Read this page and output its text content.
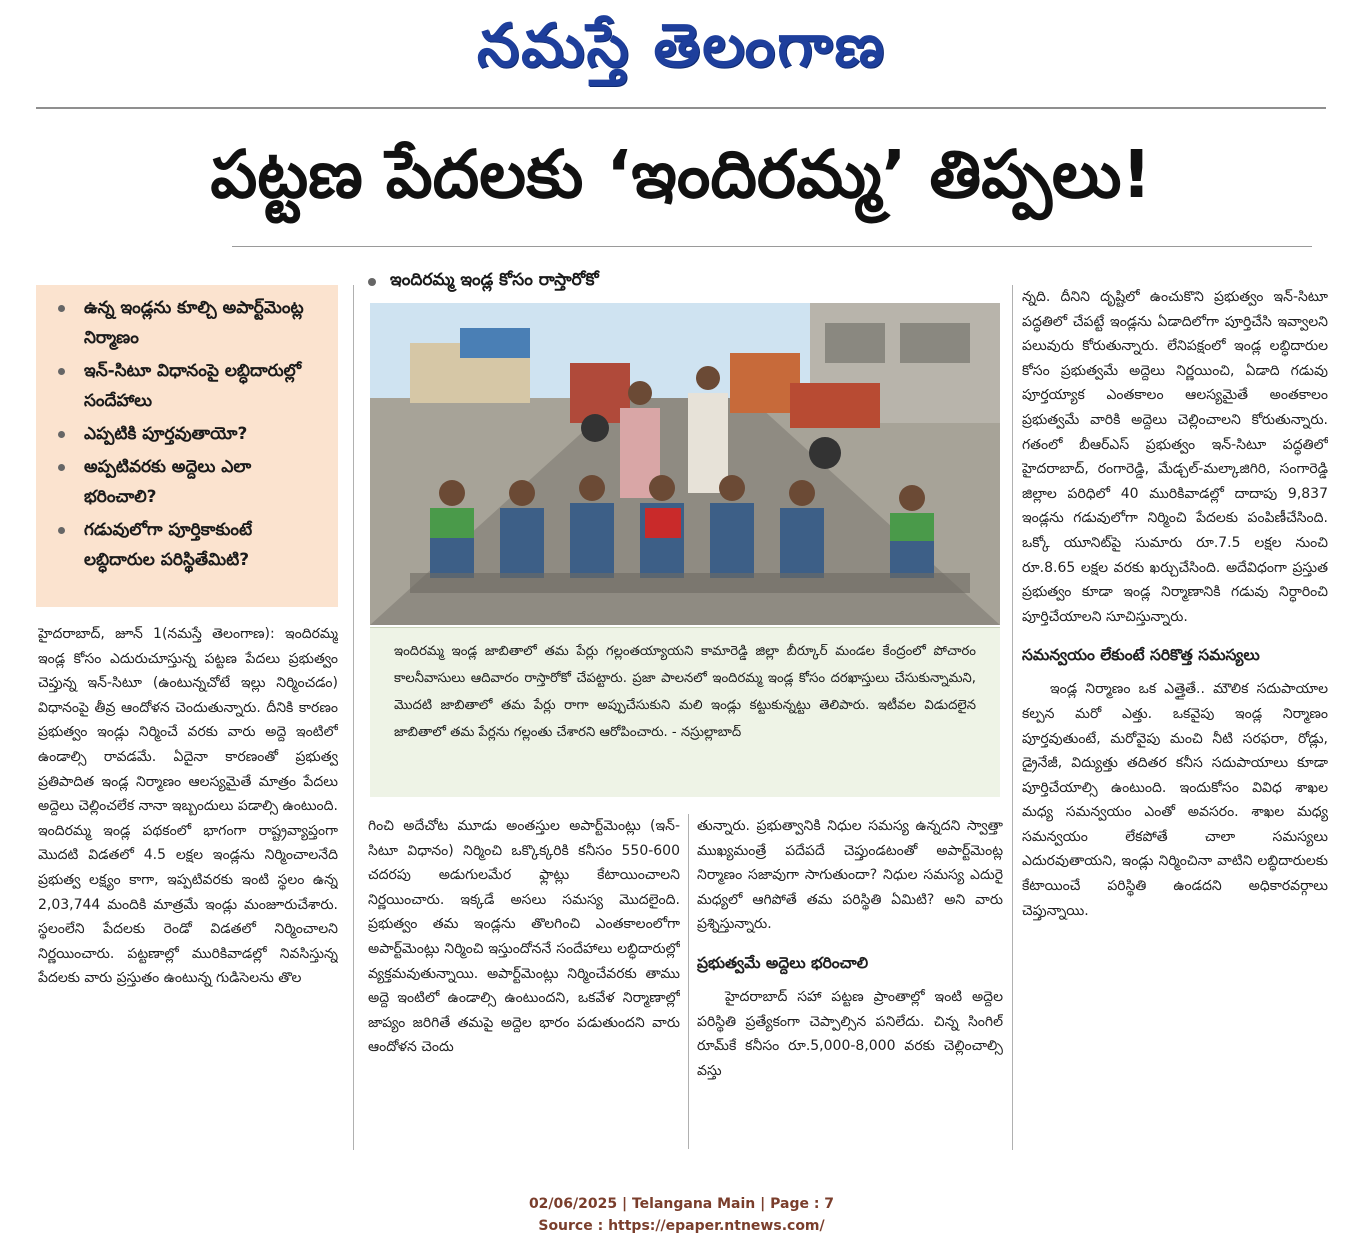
నమస్తే తెలంగాణ
పట్టణ పేదలకు ‘ఇందిరమ్మ’ తిప్పలు!
ఉన్న ఇండ్లను కూల్చి అపార్ట్‌మెంట్ల నిర్మాణం
ఇన్‌-సిటూ విధానంపై లబ్ధిదారుల్లో సందేహాలు
ఎప్పటికి పూర్తవుతాయో?
అప్పటివరకు అద్దెలు ఎలా భరించాలి?
గడువులోగా పూర్తికాకుంటే లబ్ధిదారుల పరిస్థితేమిటి?
ఇందిరమ్మ ఇండ్ల కోసం రాస్తారోకో
ఇందిరమ్మ ఇండ్ల జాబితాలో తమ పేర్లు గల్లంతయ్యాయని కామారెడ్డి జిల్లా బీర్కూర్ మండల కేంద్రంలో పోచారం కాలనీవాసులు ఆదివారం రాస్తారోకో చేపట్టారు. ప్రజా పాలనలో ఇందిరమ్మ ఇండ్ల కోసం దరఖాస్తులు చేసుకున్నామని, మొదటి జాబితాలో తమ పేర్లు రాగా అప్పుచేసుకుని మలి ఇండ్లు కట్టుకున్నట్టు తెలిపారు. ఇటీవల విడుదలైన జాబితాలో తమ పేర్లను గల్లంతు చేశారని ఆరోపించారు. - నస్రుల్లాబాద్

హైదరాబాద్, జూన్ 1(నమస్తే తెలంగాణ): ఇందిరమ్మ ఇండ్ల కోసం ఎదురుచూస్తున్న పట్టణ పేదలు ప్రభుత్వం చెప్తున్న ఇన్‌-సిటూ (ఉంటున్నచోటే ఇల్లు నిర్మించడం) విధానంపై తీవ్ర ఆందోళన చెందుతున్నారు. దీనికి కారణం ప్రభుత్వం ఇండ్లు నిర్మించే వరకు వారు అద్దె ఇంటిలో ఉండాల్సి రావడమే. ఏదైనా కారణంతో ప్రభుత్వ ప్రతిపాదిత ఇండ్ల నిర్మాణం ఆలస్యమైతే మాత్రం పేదలు అద్దెలు చెల్లించలేక నానా ఇబ్బందులు పడాల్సి ఉంటుంది. ఇందిరమ్మ ఇండ్ల పథకంలో భాగంగా రాష్ట్రవ్యాప్తంగా మొదటి విడతలో 4.5 లక్షల ఇండ్లను నిర్మించాలనేది ప్రభుత్వ లక్ష్యం కాగా, ఇప్పటివరకు ఇంటి స్థలం ఉన్న 2,03,744 మందికి మాత్రమే ఇండ్లు మంజూరుచేశారు. స్థలంలేని పేదలకు రెండో విడతలో నిర్మించాలని నిర్ణయించారు. పట్టణాల్లో మురికివాడల్లో నివసిస్తున్న పేదలకు వారు ప్రస్తుతం ఉంటున్న గుడిసెలను తొల

గించి అదేచోట మూడు అంతస్తుల అపార్ట్‌మెంట్లు (ఇన్‌-సిటూ విధానం) నిర్మించి ఒక్కొక్కరికి కనీసం 550-600 చదరపు అడుగులమేర ఫ్లాట్లు కేటాయించాలని నిర్ణయించారు. ఇక్కడే అసలు సమస్య మొదలైంది. ప్రభుత్వం తమ ఇండ్లను తొలగించి ఎంతకాలంలోగా అపార్ట్‌మెంట్లు నిర్మించి ఇస్తుందోననే సందేహాలు లబ్ధిదారుల్లో వ్యక్తమవుతున్నాయి. అపార్ట్‌మెంట్లు నిర్మించేవరకు తాము అద్దె ఇంటిలో ఉండాల్సి ఉంటుందని, ఒకవేళ నిర్మాణాల్లో జాప్యం జరిగితే తమపై అద్దెల భారం పడుతుందని వారు ఆందోళన చెందు

తున్నారు. ప్రభుత్వానికి నిధుల సమస్య ఉన్నదని స్వాత్తా ముఖ్యమంత్రే పదేపదే చెప్తుండటంతో అపార్ట్‌మెంట్ల నిర్మాణం సజావుగా సాగుతుందా? నిధుల సమస్య ఎదురై మధ్యలో ఆగిపోతే తమ పరిస్థితి ఏమిటి? అని వారు ప్రశ్నిస్తున్నారు.

ప్రభుత్వమే అద్దెలు భరించాలి

హైదరాబాద్ సహా పట్టణ ప్రాంతాల్లో ఇంటి అద్దెల పరిస్థితి ప్రత్యేకంగా చెప్పాల్సిన పనిలేదు. చిన్న సింగిల్ రూమ్‌కే కనీసం రూ.5,000-8,000 వరకు చెల్లించాల్సి వస్తు

న్నది. దీనిని దృష్టిలో ఉంచుకొని ప్రభుత్వం ఇన్‌-సిటూ పద్ధతిలో చేపట్టే ఇండ్లను ఏడాదిలోగా పూర్తిచేసి ఇవ్వాలని పలువురు కోరుతున్నారు. లేనిపక్షంలో ఇండ్ల లబ్ధిదారుల కోసం ప్రభుత్వమే అద్దెలు నిర్ణయించి, ఏడాది గడువు పూర్తయ్యాక ఎంతకాలం ఆలస్యమైతే అంతకాలం ప్రభుత్వమే వారికి అద్దెలు చెల్లించాలని కోరుతున్నారు. గతంలో బీఆర్‌ఎస్ ప్రభుత్వం ఇన్‌-సిటూ పద్ధతిలో హైదరాబాద్, రంగారెడ్డి, మేడ్చల్‌-మల్కాజిగిరి, సంగారెడ్డి జిల్లాల పరిధిలో 40 మురికివాడల్లో దాదాపు 9,837 ఇండ్లను గడువులోగా నిర్మించి పేదలకు పంపిణీచేసింది. ఒక్కో యూనిట్‌పై సుమారు రూ.7.5 లక్షల నుంచి రూ.8.65 లక్షల వరకు ఖర్చుచేసింది. అదేవిధంగా ప్రస్తుత ప్రభుత్వం కూడా ఇండ్ల నిర్మాణానికి గడువు నిర్ధారించి పూర్తిచేయాలని సూచిస్తున్నారు.

సమన్వయం లేకుంటే సరికొత్త సమస్యలు

ఇండ్ల నిర్మాణం ఒక ఎత్తైతే.. మౌలిక సదుపాయాల కల్పన మరో ఎత్తు. ఒకవైపు ఇండ్ల నిర్మాణం పూర్తవుతుంటే, మరోవైపు మంచి నీటి సరఫరా, రోడ్లు, డ్రైనేజీ, విద్యుత్తు తదితర కనీస సదుపాయాలు కూడా పూర్తిచేయాల్సి ఉంటుంది. ఇందుకోసం వివిధ శాఖల మధ్య సమన్వయం ఎంతో అవసరం. శాఖల మధ్య సమన్వయం లేకపోతే చాలా సమస్యలు ఎదురవుతాయని, ఇండ్లు నిర్మించినా వాటిని లబ్ధిదారులకు కేటాయించే పరిస్థితి ఉండదని అధికారవర్గాలు చెప్తున్నాయి.

02/06/2025 | Telangana Main | Page : 7
Source : https://epaper.ntnews.com/
